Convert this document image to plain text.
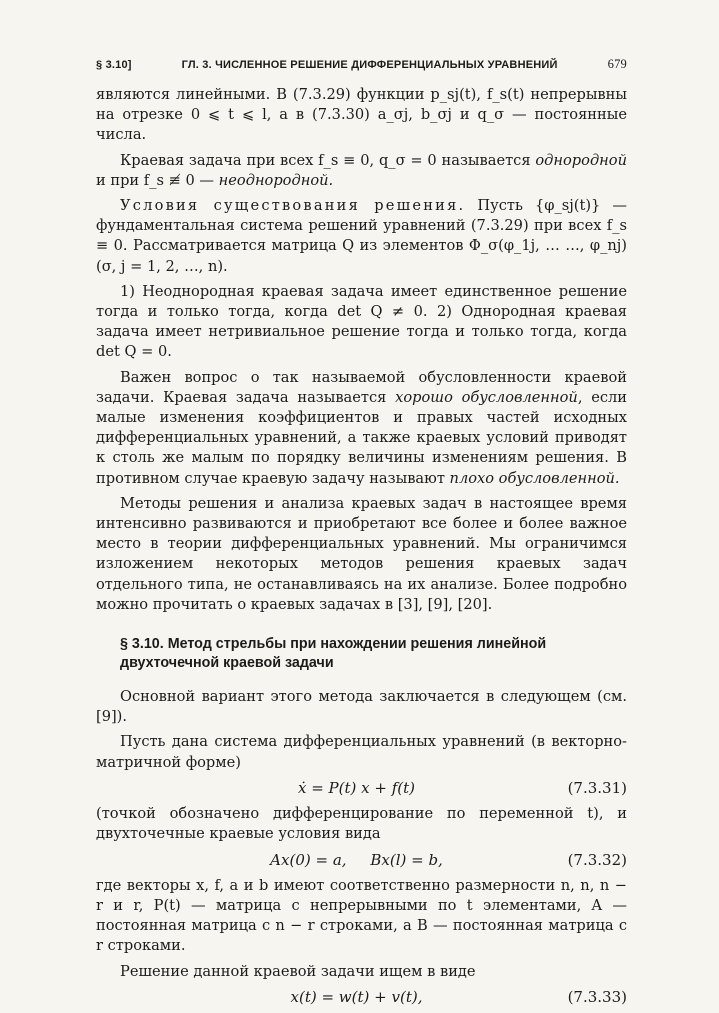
§ 3.10]	ГЛ. 3. ЧИСЛЕННОЕ РЕШЕНИЕ ДИФФЕРЕНЦИАЛЬНЫХ УРАВНЕНИЙ	679

являются линейными. В (7.3.29) функции p_sj(t), f_s(t) непрерывны на отрезке 0 ⩽ t ⩽ l, а в (7.3.30) a_σj, b_σj и q_σ — постоянные числа.

Краевая задача при всех f_s ≡ 0, q_σ = 0 называется однородной и при f_s ≢ 0 — неоднородной.

Условия существования решения. Пусть {φ_sj(t)} — фундаментальная система решений уравнений (7.3.29) при всех f_s ≡ 0. Рассматривается матрица Q из элементов Φ_σ(φ_1j, … …, φ_nj) (σ, j = 1, 2, …, n).

1) Неоднородная краевая задача имеет единственное решение тогда и только тогда, когда det Q ≠ 0. 2) Однородная краевая задача имеет нетривиальное решение тогда и только тогда, когда det Q = 0.

Важен вопрос о так называемой обусловленности краевой задачи. Краевая задача называется хорошо обусловленной, если малые изменения коэффициентов и правых частей исходных дифференциальных уравнений, а также краевых условий приводят к столь же малым по порядку величины изменениям решения. В противном случае краевую задачу называют плохо обусловленной.

Методы решения и анализа краевых задач в настоящее время интенсивно развиваются и приобретают все более и более важное место в теории дифференциальных уравнений. Мы ограничимся изложением некоторых методов решения краевых задач отдельного типа, не останавливаясь на их анализе. Более подробно можно прочитать о краевых задачах в [3], [9], [20].

§ 3.10. Метод стрельбы при нахождении решения линейной двухточечной краевой задачи

Основной вариант этого метода заключается в следующем (см. [9]).

Пусть дана система дифференциальных уравнений (в векторно-матричной форме)

ẋ = P(t) x + f(t)	(7.3.31)

(точкой обозначено дифференцирование по переменной t), и двухточечные краевые условия вида

Ax(0) = a,     Bx(l) = b,	(7.3.32)

где векторы x, f, a и b имеют соответственно размерности n, n, n − r и r, P(t) — матрица с непрерывными по t элементами, A — постоянная матрица с n − r строками, а B — постоянная матрица с r строками.

Решение данной краевой задачи ищем в виде

x(t) = w(t) + v(t),	(7.3.33)
